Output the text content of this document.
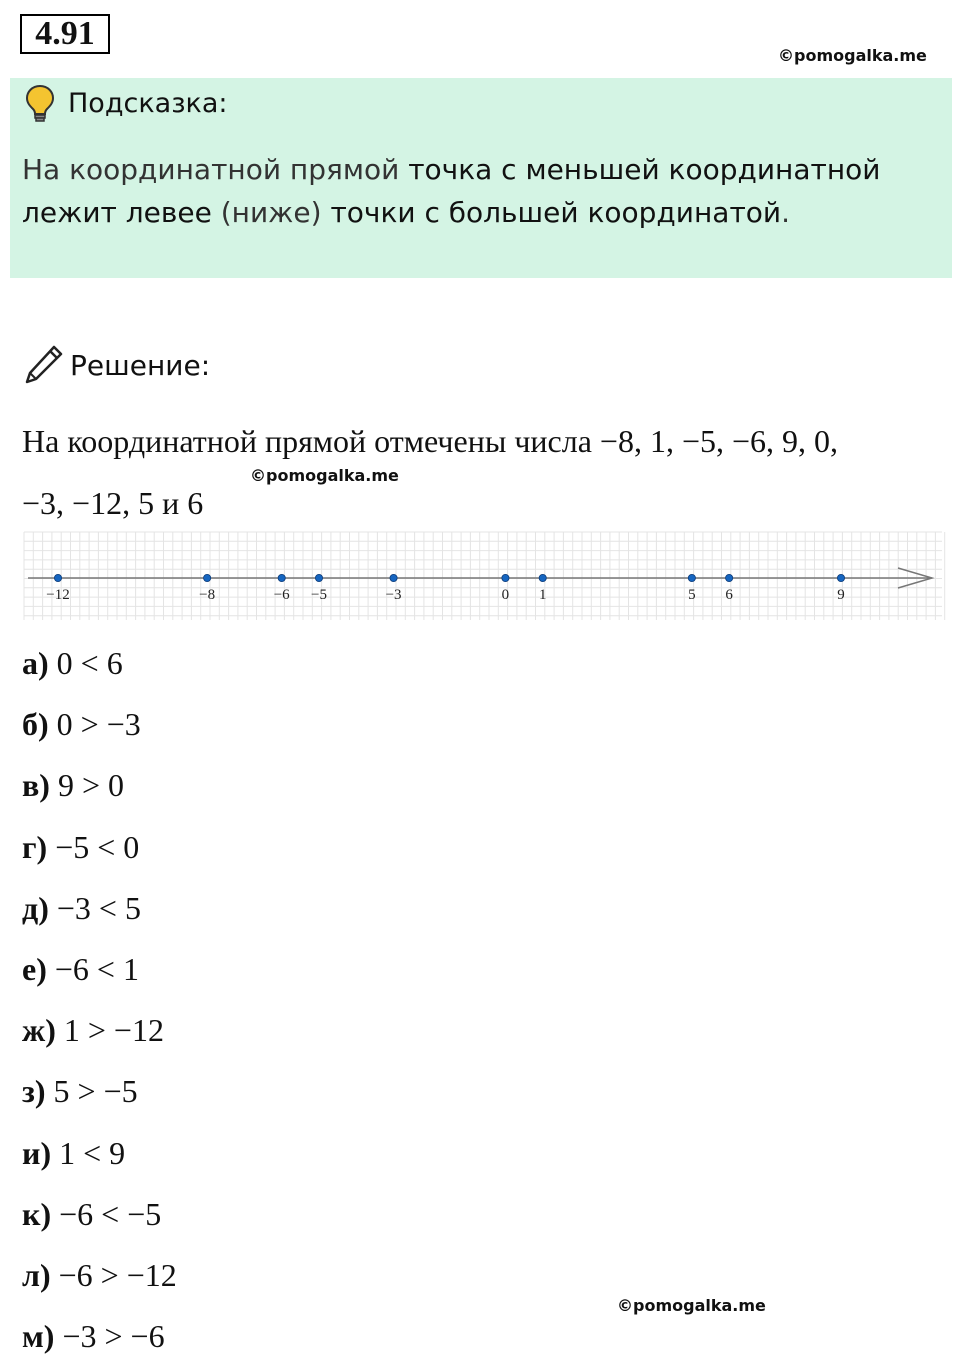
4.91
©pomogalka.me
©pomogalka.me
©pomogalka.me
Подсказка:
На координатной прямой точка с меньшей координатной лежит левее (ниже) точки с большей координатой.
Решение:
На координатной прямой отмечены числа −8, 1, −5, −6, 9, 0,
−3, −12, 5 и 6
−12	−8	−6 −5	−3	0 1	5 6	9
а) 0 < 6
б) 0 > −3
в) 9 > 0
г) −5 < 0
д) −3 < 5
е) −6 < 1
ж) 1 > −12
з) 5 > −5
и) 1 < 9
к) −6 < −5
л) −6 > −12
м) −3 > −6
